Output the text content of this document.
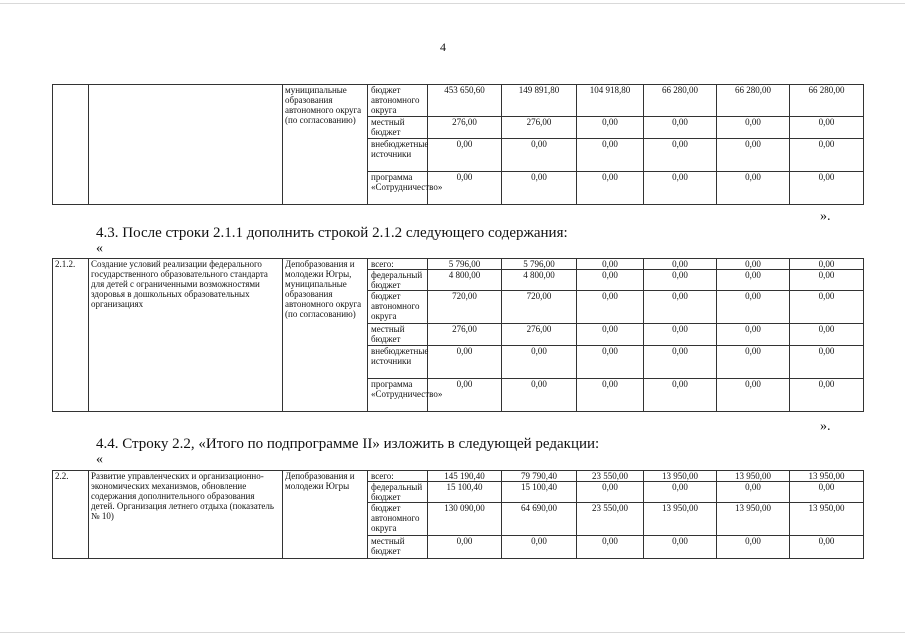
4
		муниципальные образования автономного округа (по согласованию)	бюджет автономного округа	453 650,60	149 891,80	104 918,80	66 280,00	66 280,00	66 280,00
			местный бюджет	276,00	276,00	0,00	0,00	0,00	0,00
			внебюджетные источники	0,00	0,00	0,00	0,00	0,00	0,00
			программа «Сотрудничество»	0,00	0,00	0,00	0,00	0,00	0,00
».
4.3. После строки 2.1.1 дополнить строкой 2.1.2 следующего содержания:
«
2.1.2.	Создание условий реализации федерального государственного образовательного стандарта для детей с ограниченными возможностями здоровья в дошкольных образовательных организациях	Депобразования и молодежи Югры, муниципальные образования автономного округа (по согласованию)	всего:	5 796,00	5 796,00	0,00	0,00	0,00	0,00
			федеральный бюджет	4 800,00	4 800,00	0,00	0,00	0,00	0,00
			бюджет автономного округа	720,00	720,00	0,00	0,00	0,00	0,00
			местный бюджет	276,00	276,00	0,00	0,00	0,00	0,00
			внебюджетные источники	0,00	0,00	0,00	0,00	0,00	0,00
			программа «Сотрудничество»	0,00	0,00	0,00	0,00	0,00	0,00
».
4.4. Строку 2.2, «Итого по подпрограмме II» изложить в следующей редакции:
«
2.2.	Развитие управленческих и организационно-экономических механизмов, обновление содержания дополнительного образования детей. Организация летнего отдыха (показатель № 10)	Депобразования и молодежи Югры	всего:	145 190,40	79 790,40	23 550,00	13 950,00	13 950,00	13 950,00
			федеральный бюджет	15 100,40	15 100,40	0,00	0,00	0,00	0,00
			бюджет автономного округа	130 090,00	64 690,00	23 550,00	13 950,00	13 950,00	13 950,00
			местный бюджет	0,00	0,00	0,00	0,00	0,00	0,00
